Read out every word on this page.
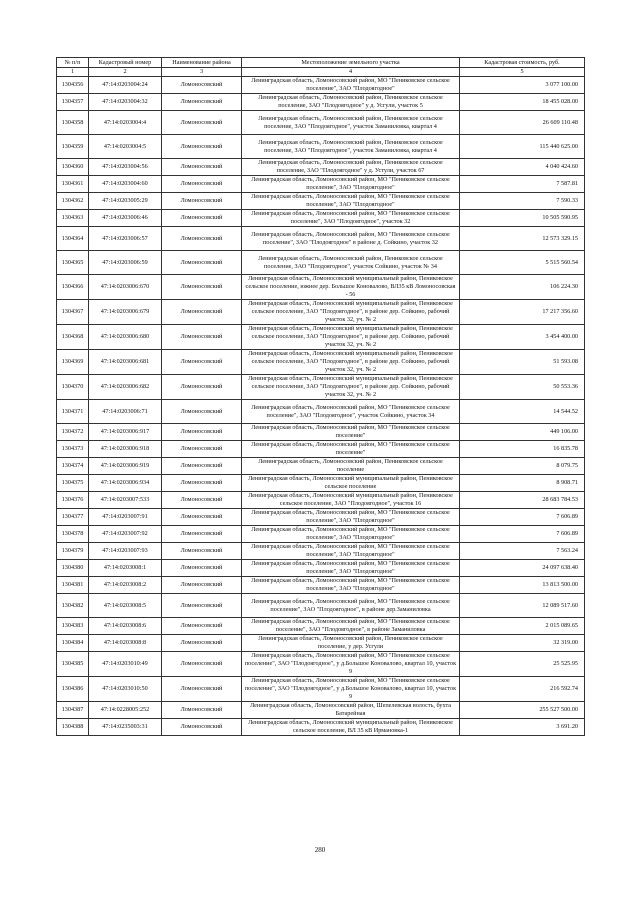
№ п/п	Кадастровый номер	Наименование района	Местоположение земельного участка	Кадастровая стоимость, руб.
1	2	3	4	5
1304356	47:14:0203004:24	Ломоносовский	Ленинградская область, Ломоносовский район, МО "Пениковское сельское поселение", ЗАО "Плодоягодное"	3 077 100.00
1304357	47:14:0203004:32	Ломоносовский	Ленинградская область, Ломоносовский район, Пениковское сельское поселение, ЗАО "Плодоягодное" у д. Усгули, участок 5	18 455 028.00
1304358	47:14:0203004:4	Ломоносовский	Ленинградская область, Ломоносовский район, Пениковское сельское поселение, ЗАО "Плодоягодное", участок Заманиловка, квартал 4	26 609 110.48
1304359	47:14:0203004:5	Ломоносовский	Ленинградская область, Ломоносовский район, Пениковское сельское поселение, ЗАО "Плодоягодное", участок Заманиловка, квартал 4	115 440 625.00
1304360	47:14:0203004:56	Ломоносовский	Ленинградская область, Ломоносовский район, Пениковское сельское поселение, ЗАО "Плодоягодное" у д. Устули, участок 67	4 040 424.60
1304361	47:14:0203004:60	Ломоносовский	Ленинградская область, Ломоносовский район, МО "Пениковское сельское поселение", ЗАО "Плодоягодное"	7 587.81
1304362	47:14:0203005:29	Ломоносовский	Ленинградская область, Ломоносовский район, МО "Пениковское сельское поселение", ЗАО "Плодоягодное"	7 590.33
1304363	47:14:0203006:46	Ломоносовский	Ленинградская область, Ломоносовский район, МО "Пениковское сельское поселение", ЗАО "Плодоягодное", участок 32	10 505 590.95
1304364	47:14:0203006:57	Ломоносовский	Ленинградская область, Ломоносовский район, МО "Пениковское сельское поселение", ЗАО "Плодоягодное" в районе д. Сойкино, участок 32	12 573 329.15
1304365	47:14:0203006:59	Ломоносовский	Ленинградская область, Ломоносовский район, Пениковское сельское поселение, ЗАО "Плодоягодное", участок Сойкино, участок № 34	5 515 560.54
1304366	47:14:0203006:670	Ломоносовский	Ленинградская область, Ломоносовский муниципальный район, Пениковское сельское поселение, южнее дер. Большое Коновалово, ВЛ35 кВ Ломоносовская - 56	106 224.30
1304367	47:14:0203006:679	Ломоносовский	Ленинградская область, Ломоносовский муниципальный район, Пениковское сельское поселение, ЗАО "Плодоягодное", в районе дер. Сойкино, рабочий участок 32, уч. № 2	17 217 356.60
1304368	47:14:0203006:680	Ломоносовский	Ленинградская область, Ломоносовский муниципальный район, Пениковское сельское поселение, ЗАО "Плодоягодное", в районе дер. Сойкино, рабочий участок 32, уч. № 2	3 454 400.00
1304369	47:14:0203006:681	Ломоносовский	Ленинградская область, Ломоносовский муниципальный район, Пениковское сельское поселение, ЗАО "Плодоягодное", в районе дер. Сойкино, рабочий участок 32, уч. № 2	51 593.08
1304370	47:14:0203006:682	Ломоносовский	Ленинградская область, Ломоносовский муниципальный район, Пениковское сельское поселение, ЗАО "Плодоягодное", в районе дер. Сойкино, рабочий участок 32, уч. № 2	50 553.36
1304371	47:14:0203006:71	Ломоносовский	Ленинградская область, Ломоносовский район, МО "Пениковское сельское поселение", ЗАО "Плодоягодное", участок Сойкино, участок 34	14 544.52
1304372	47:14:0203006:917	Ломоносовский	Ленинградская область, Ломоносовский район, МО "Пениковское сельское поселение"	449 106.00
1304373	47:14:0203006:918	Ломоносовский	Ленинградская область, Ломоносовский район, МО "Пениковское сельское поселение"	16 835.78
1304374	47:14:0203006:919	Ломоносовский	Ленинградская область, Ломоносовский район, Пениковское сельское поселение	8 079.75
1304375	47:14:0203006:934	Ломоносовский	Ленинградская область, Ломоносовский муниципальный район, Пениковское сельское поселение	8 908.71
1304376	47:14:0203007:533	Ломоносовский	Ленинградская область, Ломоносовский муниципальный район, Пениковское сельское поселение, ЗАО "Плодоягодное", участок 16	28 683 784.53
1304377	47:14:0203007:91	Ломоносовский	Ленинградская область, Ломоносовский район, МО "Пениковское сельское поселение", ЗАО "Плодоягодное"	7 606.89
1304378	47:14:0203007:92	Ломоносовский	Ленинградская область, Ломоносовский район, МО "Пениковское сельское поселение", ЗАО "Плодоягодное"	7 606.89
1304379	47:14:0203007:93	Ломоносовский	Ленинградская область, Ломоносовский район, МО "Пениковское сельское поселение", ЗАО "Плодоягодное"	7 563.24
1304380	47:14:0203008:1	Ломоносовский	Ленинградская область, Ломоносовский район, МО "Пениковское сельское поселение", ЗАО "Плодоягодное"	24 097 638.40
1304381	47:14:0203008:2	Ломоносовский	Ленинградская область, Ломоносовский район, МО "Пениковское сельское поселение", ЗАО "Плодоягодное"	13 813 500.00
1304382	47:14:0203008:5	Ломоносовский	Ленинградская область, Ломоносовский район, МО "Пениковское сельское поселение", ЗАО "Плодоягодное", в районе дер.Заманиловка	12 089 517.60
1304383	47:14:0203008:6	Ломоносовский	Ленинградская область, Ломоносовский район, МО "Пениковское сельское поселение", ЗАО "Плодоягодное", в районе Заманиловка	2 015 089.65
1304384	47:14:0203008:8	Ломоносовский	Ленинградская область, Ломоносовский район, Пениковское сельское поселение, у дер. Усгули	32 319.00
1304385	47:14:0203010:49	Ломоносовский	Ленинградская область, Ломоносовский район, МО "Пениковское сельское поселение", ЗАО "Плодоягодное", у д.Большое Коновалово, квартал 10, участок 9	25 525.95
1304386	47:14:0203010:50	Ломоносовский	Ленинградская область, Ломоносовский район, МО "Пениковское сельское поселение", ЗАО "Плодоягодное", у д.Большое Коновалово, квартал 10, участок 9	216 592.74
1304387	47:14:0228005:252	Ломоносовский	Ленинградская область, Ломоносовский район, Шепелевская волость, бухта Батарейная	255 527 500.00
1304388	47:14:0235003:31	Ломоносовский	Ленинградская область, Ломоносовский муниципальный район, Пениковское сельское поселение, ВЛ 35 кВ Ирмановка-1	3 691.20
280
